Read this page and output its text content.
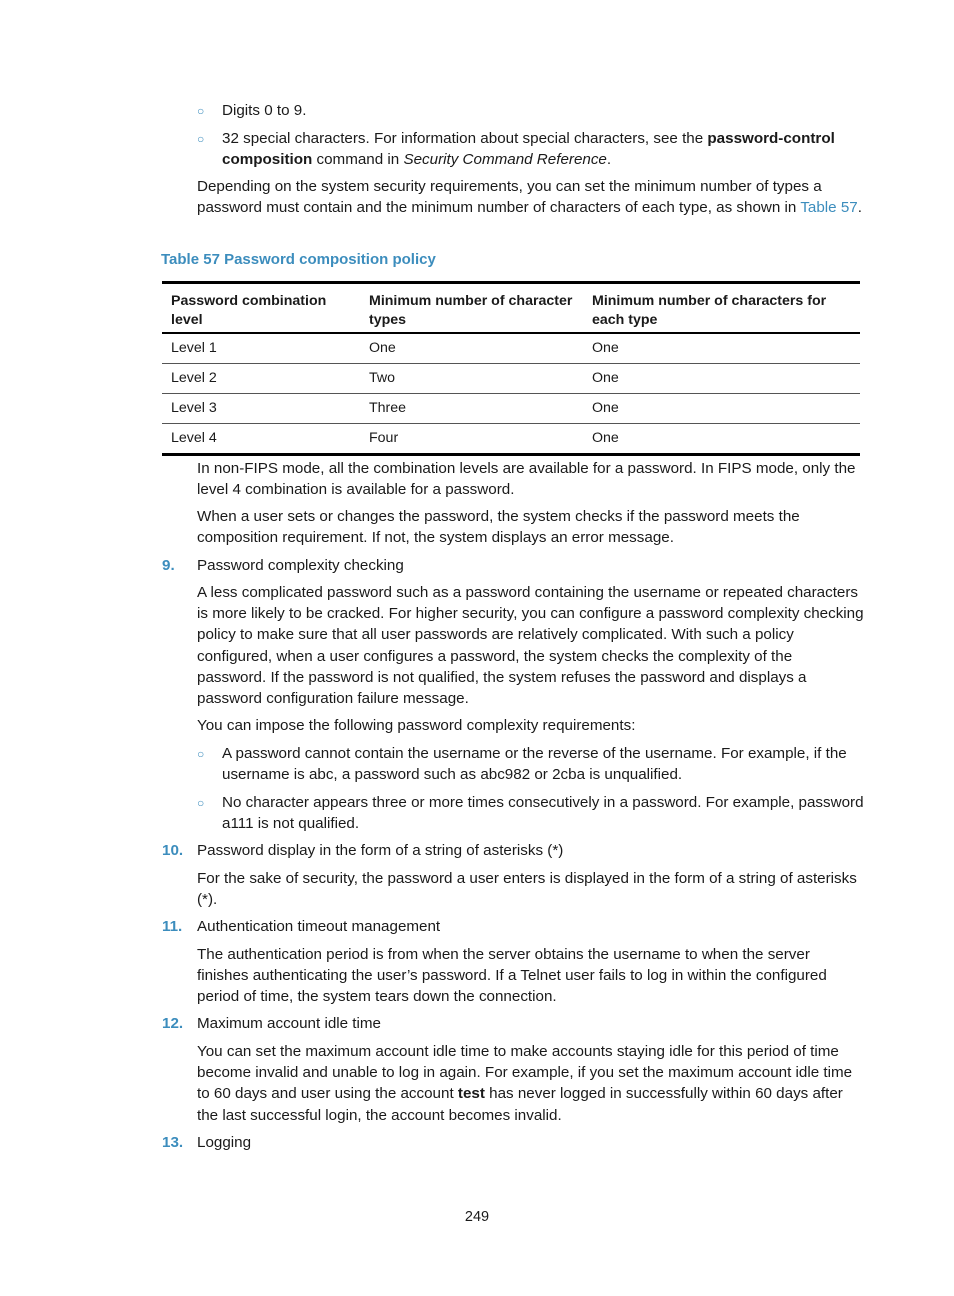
○ Digits 0 to 9.

○ 32 special characters. For information about special characters, see the password-control composition command in Security Command Reference.

Depending on the system security requirements, you can set the minimum number of types a password must contain and the minimum number of characters of each type, as shown in Table 57.

Table 57 Password composition policy
Password combination level	Minimum number of character types	Minimum number of characters for each type
Level 1	One	One
Level 2	Two	One
Level 3	Three	One
Level 4	Four	One

In non-FIPS mode, all the combination levels are available for a password. In FIPS mode, only the level 4 combination is available for a password.

When a user sets or changes the password, the system checks if the password meets the composition requirement. If not, the system displays an error message.

9. Password complexity checking

A less complicated password such as a password containing the username or repeated characters is more likely to be cracked. For higher security, you can configure a password complexity checking policy to make sure that all user passwords are relatively complicated. With such a policy configured, when a user configures a password, the system checks the complexity of the password. If the password is not qualified, the system refuses the password and displays a password configuration failure message.

You can impose the following password complexity requirements:

○ A password cannot contain the username or the reverse of the username. For example, if the username is abc, a password such as abc982 or 2cba is unqualified.

○ No character appears three or more times consecutively in a password. For example, password a111 is not qualified.

10. Password display in the form of a string of asterisks (*)

For the sake of security, the password a user enters is displayed in the form of a string of asterisks (*).

11. Authentication timeout management

The authentication period is from when the server obtains the username to when the server finishes authenticating the user’s password. If a Telnet user fails to log in within the configured period of time, the system tears down the connection.

12. Maximum account idle time

You can set the maximum account idle time to make accounts staying idle for this period of time become invalid and unable to log in again. For example, if you set the maximum account idle time to 60 days and user using the account test has never logged in successfully within 60 days after the last successful login, the account becomes invalid.

13. Logging

249
